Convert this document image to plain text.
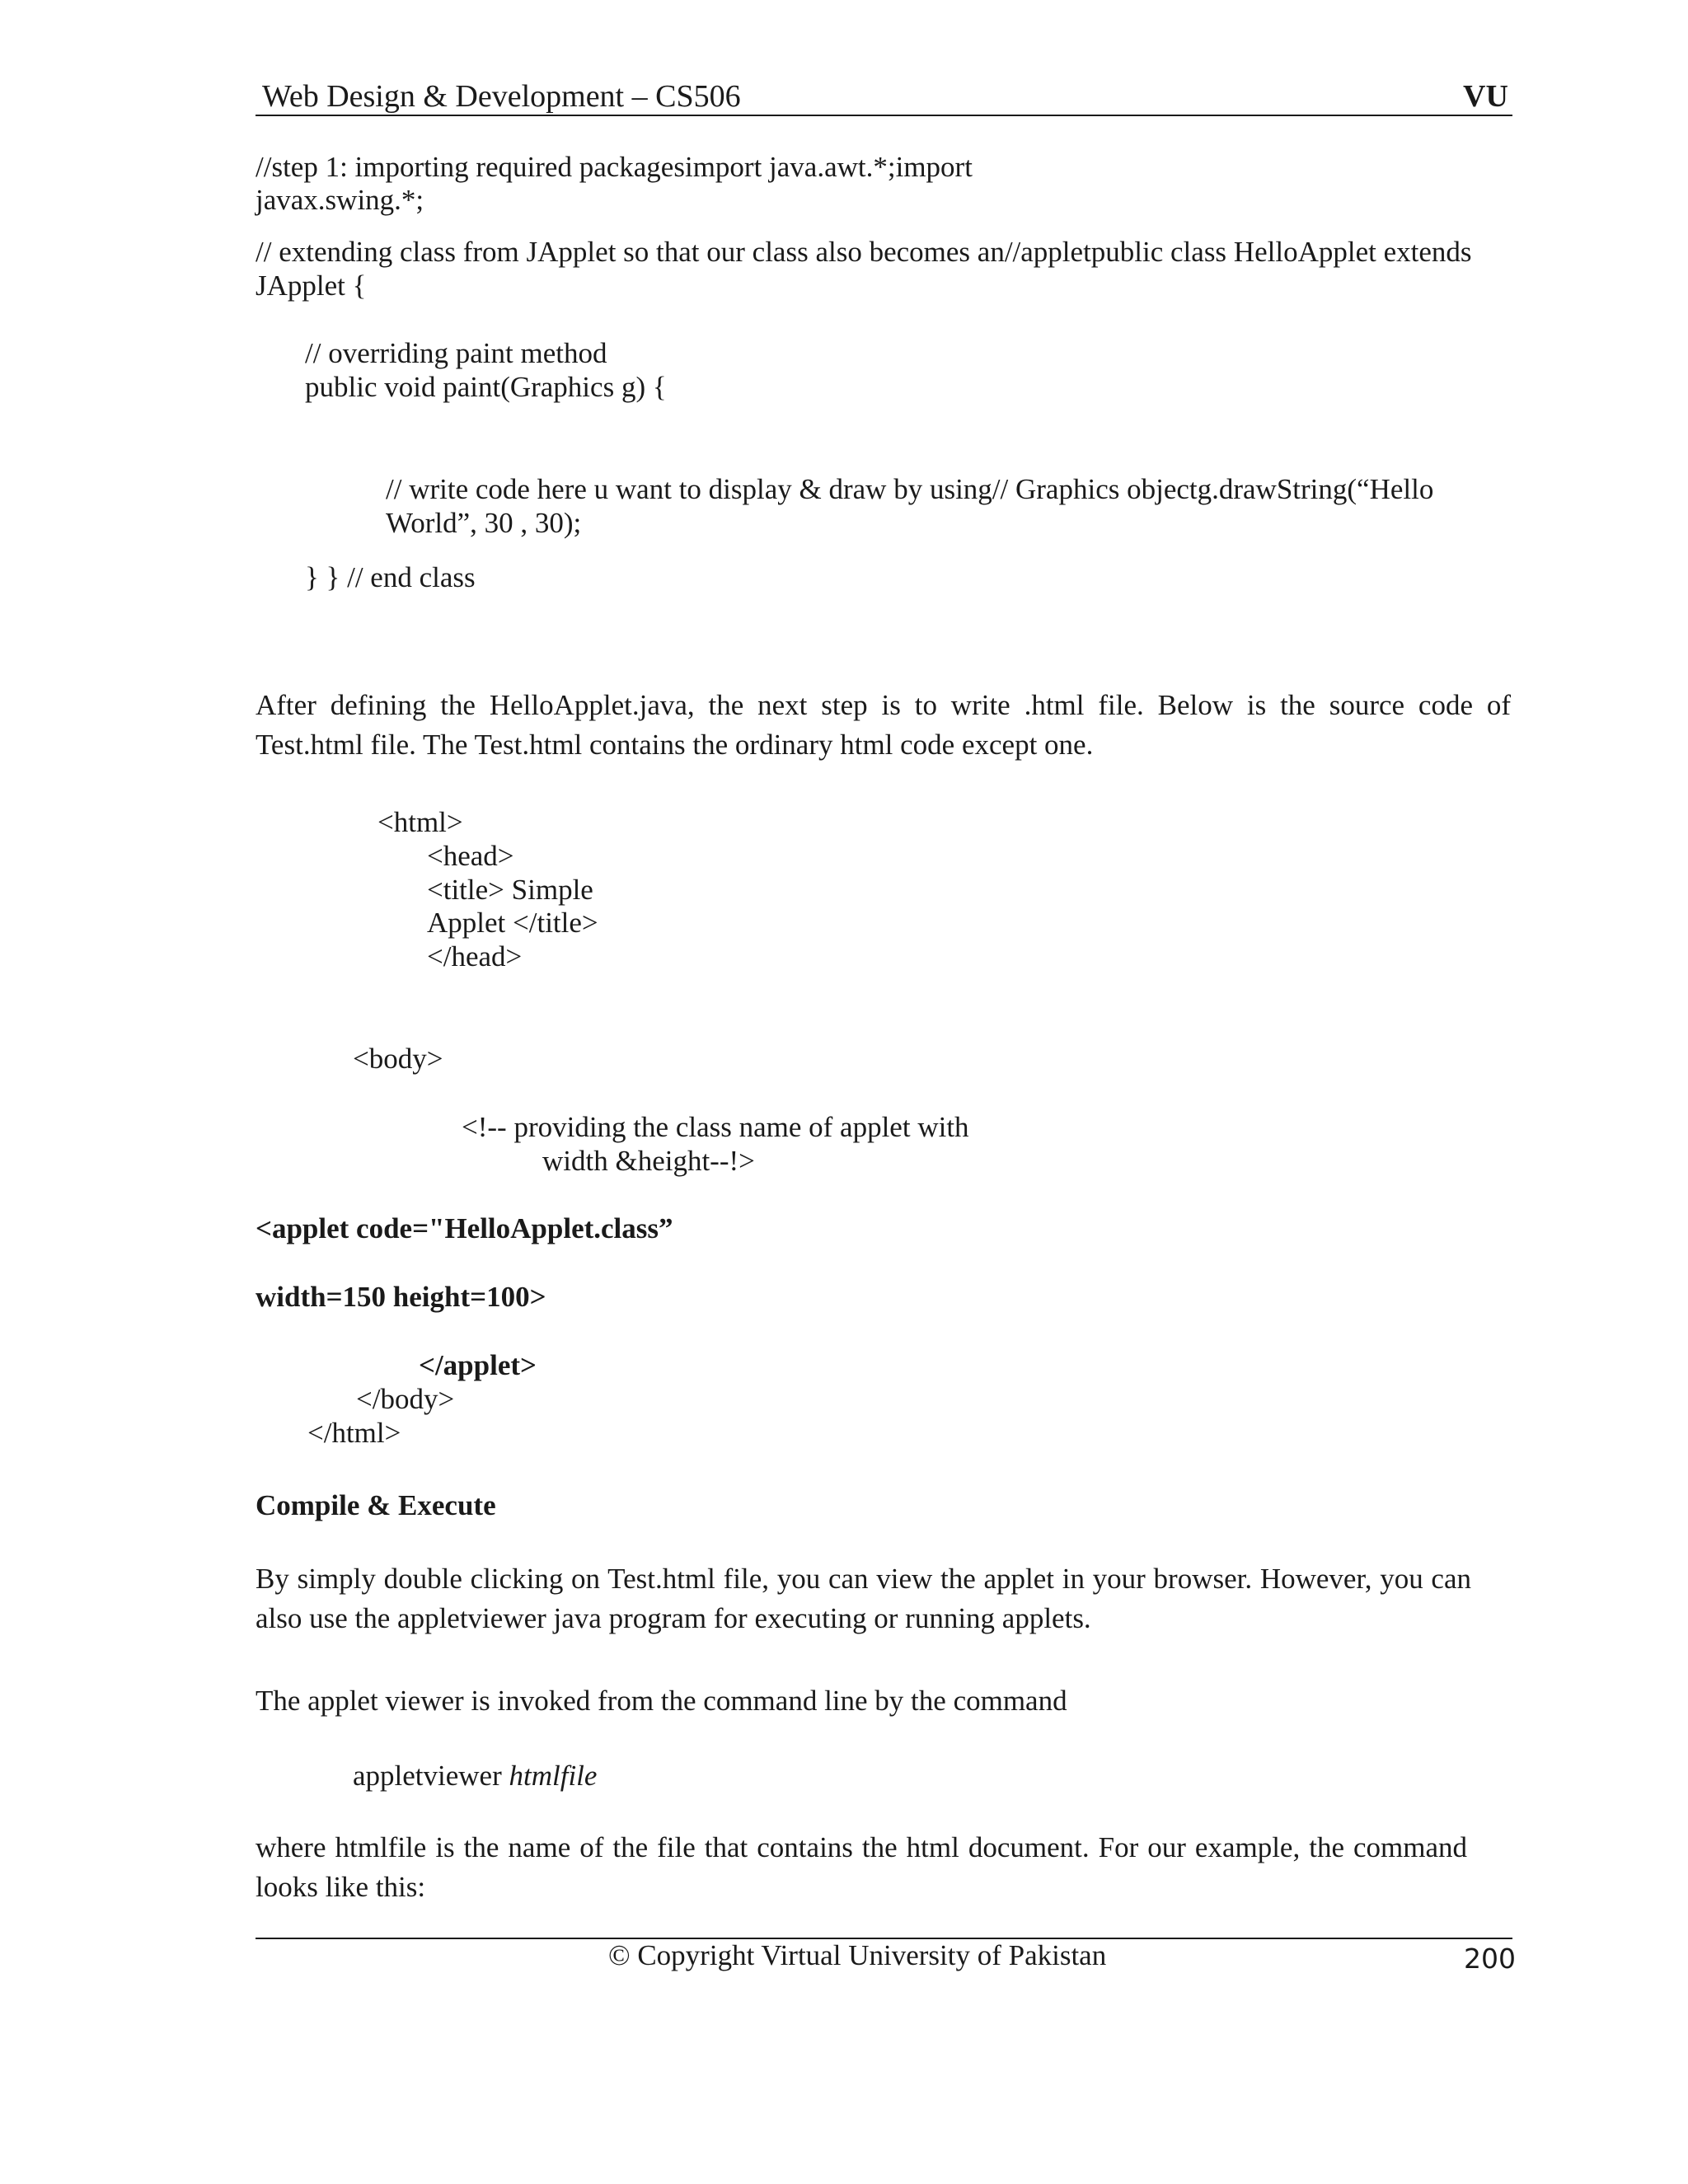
Web Design & Development – CS506	VU
//step 1: importing required packagesimport java.awt.*;import
javax.swing.*;
// extending class from JApplet so that our class also becomes an//appletpublic class HelloApplet extends
JApplet {
// overriding paint method
public void paint(Graphics g) {
// write code here u want to display & draw by using// Graphics objectg.drawString(“Hello
World”, 30 , 30);
} } // end class
After defining the HelloApplet.java, the next step is to write .html file. Below is the source code of Test.html file. The Test.html contains the ordinary html code except one.
<html>
<head>
<title> Simple
Applet </title>
</head>
<body>
<!-- providing the class name of applet with
width &height--!>
<applet code="HelloApplet.class”
width=150 height=100>
</applet>
</body>
</html>
Compile & Execute
By simply double clicking on Test.html file, you can view the applet in your browser. However, you can also use the appletviewer java program for executing or running applets.
The applet viewer is invoked from the command line by the command
appletviewer htmlfile
where htmlfile is the name of the file that contains the html document. For our example, the command looks like this:
© Copyright Virtual University of Pakistan	200
